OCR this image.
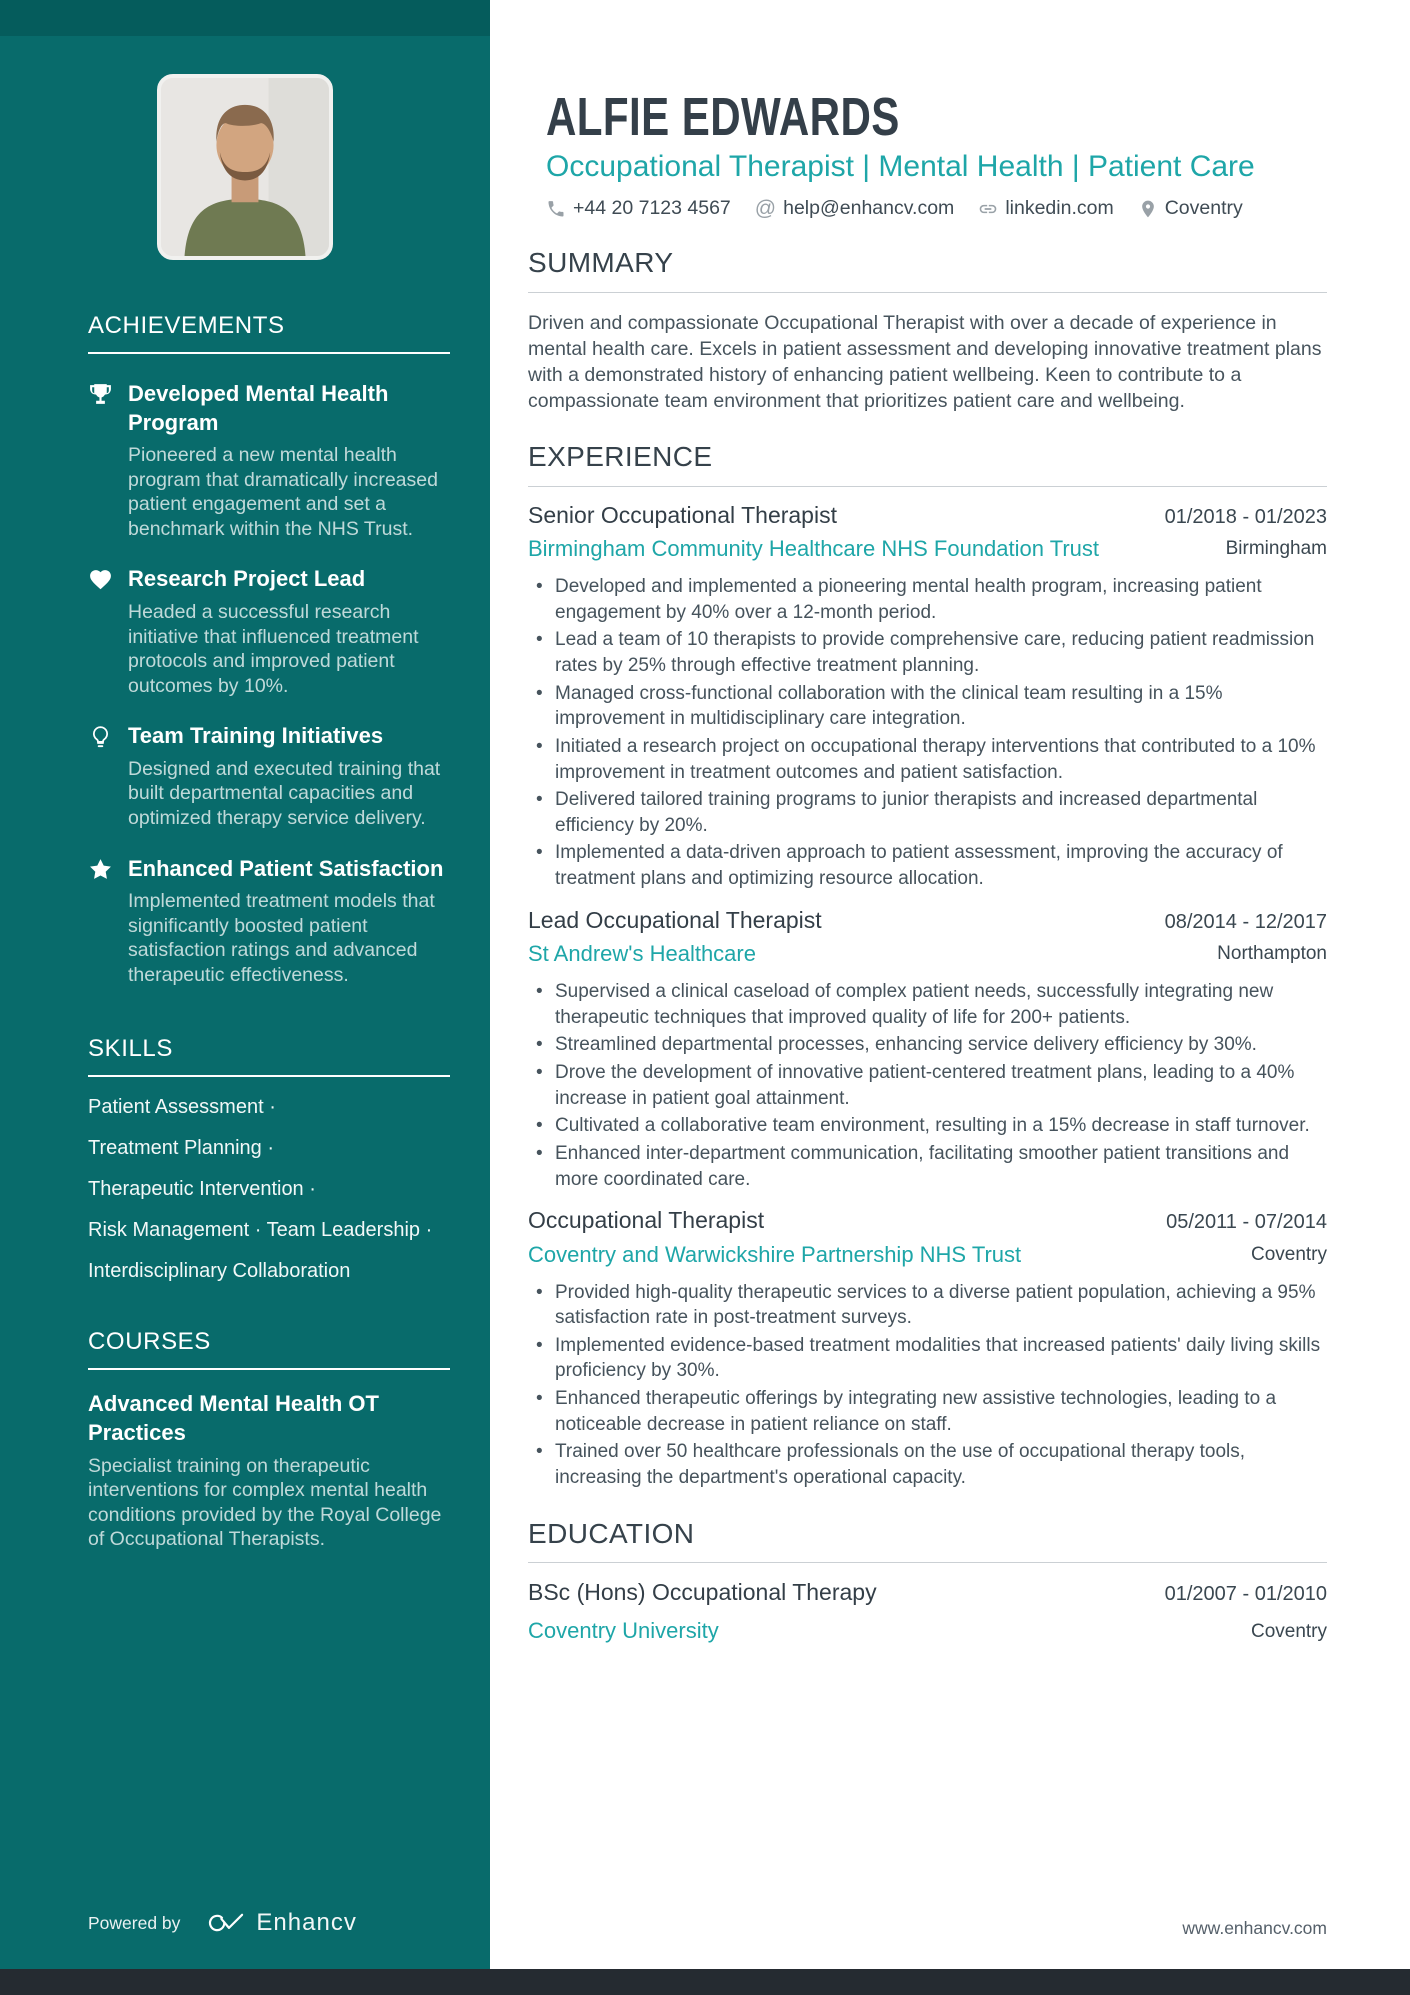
ACHIEVEMENTS
Developed Mental Health Program
Pioneered a new mental health program that dramatically increased patient engagement and set a benchmark within the NHS Trust.
Research Project Lead
Headed a successful research initiative that influenced treatment protocols and improved patient outcomes by 10%.
Team Training Initiatives
Designed and executed training that built departmental capacities and optimized therapy service delivery.
Enhanced Patient Satisfaction
Implemented treatment models that significantly boosted patient satisfaction ratings and advanced therapeutic effectiveness.
SKILLS
Patient Assessment ·
Treatment Planning ·
Therapeutic Intervention ·
Risk Management · Team Leadership ·
Interdisciplinary Collaboration
COURSES
Advanced Mental Health OT Practices
Specialist training on therapeutic interventions for complex mental health conditions provided by the Royal College of Occupational Therapists.
Powered by	Enhancv
ALFIE EDWARDS
Occupational Therapist | Mental Health | Patient Care
+44 20 7123 4567 @ help@enhancv.com	linkedin.com	Coventry
SUMMARY

Driven and compassionate Occupational Therapist with over a decade of experience in mental health care. Excels in patient assessment and developing innovative treatment plans with a demonstrated history of enhancing patient wellbeing. Keen to contribute to a compassionate team environment that prioritizes patient care and wellbeing.

EXPERIENCE
Senior Occupational Therapist	01/2018 - 01/2023
Birmingham Community Healthcare NHS Foundation Trust	Birmingham
• Developed and implemented a pioneering mental health program, increasing patient engagement by 40% over a 12-month period.
• Lead a team of 10 therapists to provide comprehensive care, reducing patient readmission rates by 25% through effective treatment planning.
• Managed cross-functional collaboration with the clinical team resulting in a 15% improvement in multidisciplinary care integration.
• Initiated a research project on occupational therapy interventions that contributed to a 10% improvement in treatment outcomes and patient satisfaction.
• Delivered tailored training programs to junior therapists and increased departmental efficiency by 20%.
• Implemented a data-driven approach to patient assessment, improving the accuracy of treatment plans and optimizing resource allocation.
Lead Occupational Therapist	08/2014 - 12/2017
St Andrew's Healthcare	Northampton
• Supervised a clinical caseload of complex patient needs, successfully integrating new therapeutic techniques that improved quality of life for 200+ patients.
• Streamlined departmental processes, enhancing service delivery efficiency by 30%.
• Drove the development of innovative patient-centered treatment plans, leading to a 40% increase in patient goal attainment.
• Cultivated a collaborative team environment, resulting in a 15% decrease in staff turnover.
• Enhanced inter-department communication, facilitating smoother patient transitions and more coordinated care.
Occupational Therapist	05/2011 - 07/2014
Coventry and Warwickshire Partnership NHS Trust	Coventry
• Provided high-quality therapeutic services to a diverse patient population, achieving a 95% satisfaction rate in post-treatment surveys.
• Implemented evidence-based treatment modalities that increased patients' daily living skills proficiency by 30%.
• Enhanced therapeutic offerings by integrating new assistive technologies, leading to a noticeable decrease in patient reliance on staff.
• Trained over 50 healthcare professionals on the use of occupational therapy tools, increasing the department's operational capacity.
EDUCATION
BSc (Hons) Occupational Therapy	01/2007 - 01/2010
Coventry University	Coventry
www.enhancv.com
